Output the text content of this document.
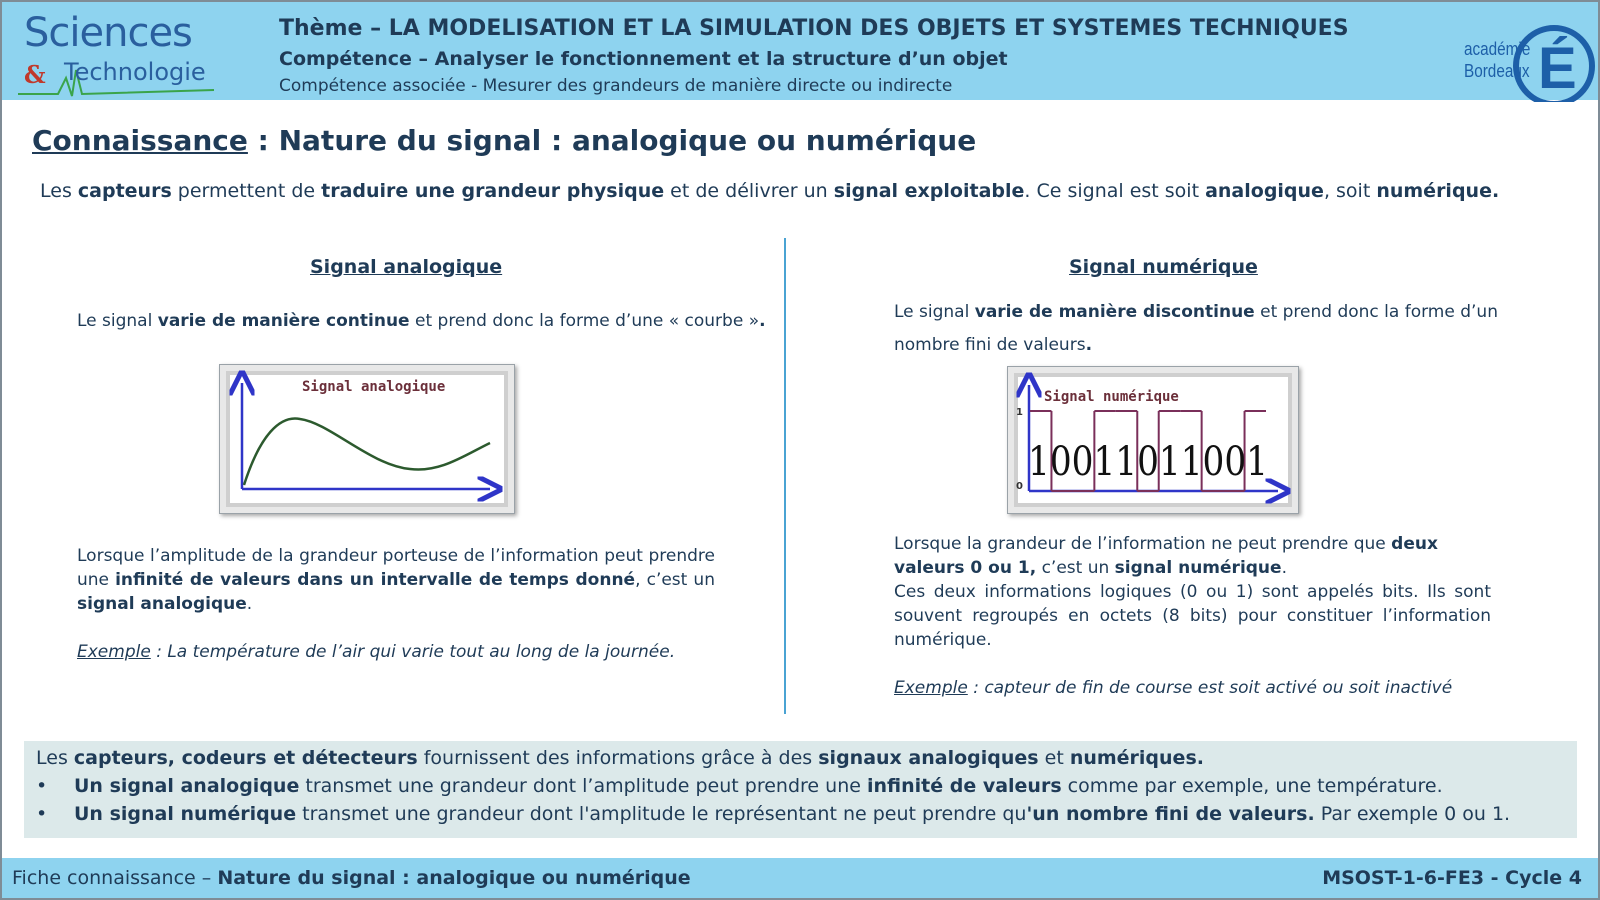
Sciences
& Technologie
Thème – LA MODELISATION ET LA SIMULATION DES OBJETS ET SYSTEMES TECHNIQUES
Compétence – Analyser le fonctionnement et la structure d’un objet
Compétence associée - Mesurer des grandeurs de manière directe ou indirecte	É
académie
Bordeaux
Connaissance : Nature du signal : analogique ou numérique
Les capteurs permettent de traduire une grandeur physique et de délivrer un signal exploitable. Ce signal est soit analogique, soit numérique.
Signal analogique
Le signal varie de manière continue et prend donc la forme d’une « courbe ».
Signal analogique
Lorsque l’amplitude de la grandeur porteuse de l’information peut prendre une infinité de valeurs dans un intervalle de temps donné, c’est un signal analogique.
Exemple : La température de l’air qui varie tout au long de la journée.
Signal numérique
Le signal varie de manière discontinue et prend donc la forme d’un nombre fini de valeurs.
1
0
Signal numérique
10011011001
Lorsque la grandeur de l’information ne peut prendre que deux valeurs 0 ou 1, c’est un signal numérique.
Ces deux informations logiques (0 ou 1) sont appelés bits. Ils sont souvent regroupés en octets (8 bits) pour constituer l’information numérique.
Exemple : capteur de fin de course est soit activé ou soit inactivé
Les capteurs, codeurs et détecteurs fournissent des informations grâce à des signaux analogiques et numériques.
• Un signal analogique transmet une grandeur dont l’amplitude peut prendre une infinité de valeurs comme par exemple, une température.
• Un signal numérique transmet une grandeur dont l'amplitude le représentant ne peut prendre qu'un nombre fini de valeurs. Par exemple 0 ou 1.
Fiche connaissance – Nature du signal : analogique ou numérique	MSOST-1-6-FE3 - Cycle 4
